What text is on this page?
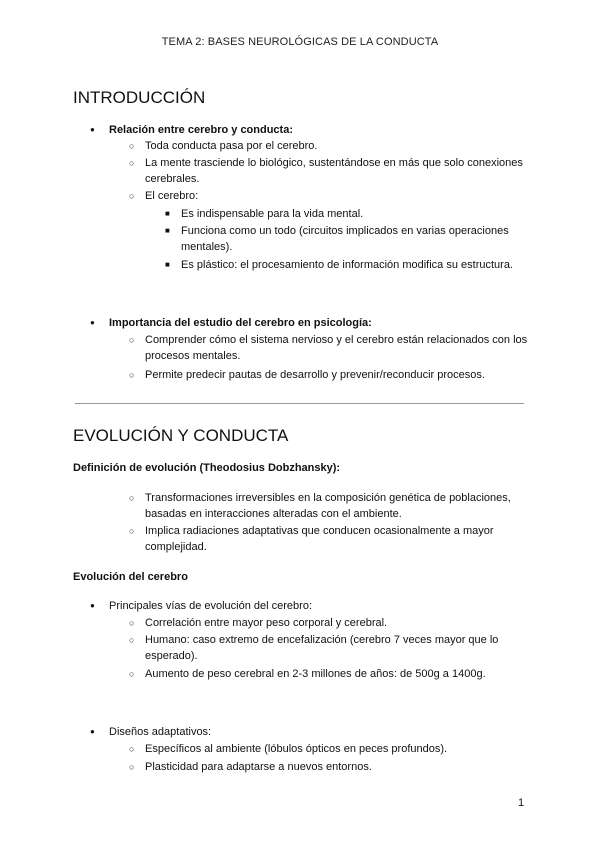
TEMA 2: BASES NEUROLÓGICAS DE LA CONDUCTA
INTRODUCCIÓN
● Relación entre cerebro y conducta:
○ Toda conducta pasa por el cerebro.
○ La mente trasciende lo biológico, sustentándose en más que solo conexiones
cerebrales.
○ El cerebro:
■ Es indispensable para la vida mental.
■ Funciona como un todo (circuitos implicados en varias operaciones
mentales).
■ Es plástico: el procesamiento de información modifica su estructura.
● Importancia del estudio del cerebro en psicología:
○ Comprender cómo el sistema nervioso y el cerebro están relacionados con los
procesos mentales.
○ Permite predecir pautas de desarrollo y prevenir/reconducir procesos.
EVOLUCIÓN Y CONDUCTA
Definición de evolución (Theodosius Dobzhansky):
○ Transformaciones irreversibles en la composición genética de poblaciones,
basadas en interacciones alteradas con el ambiente.
○ Implica radiaciones adaptativas que conducen ocasionalmente a mayor
complejidad.
Evolución del cerebro
● Principales vías de evolución del cerebro:
○ Correlación entre mayor peso corporal y cerebral.
○ Humano: caso extremo de encefalización (cerebro 7 veces mayor que lo
esperado).
○ Aumento de peso cerebral en 2-3 millones de años: de 500g a 1400g.
● Diseños adaptativos:
○ Específicos al ambiente (lóbulos ópticos en peces profundos).
○ Plasticidad para adaptarse a nuevos entornos.
1
